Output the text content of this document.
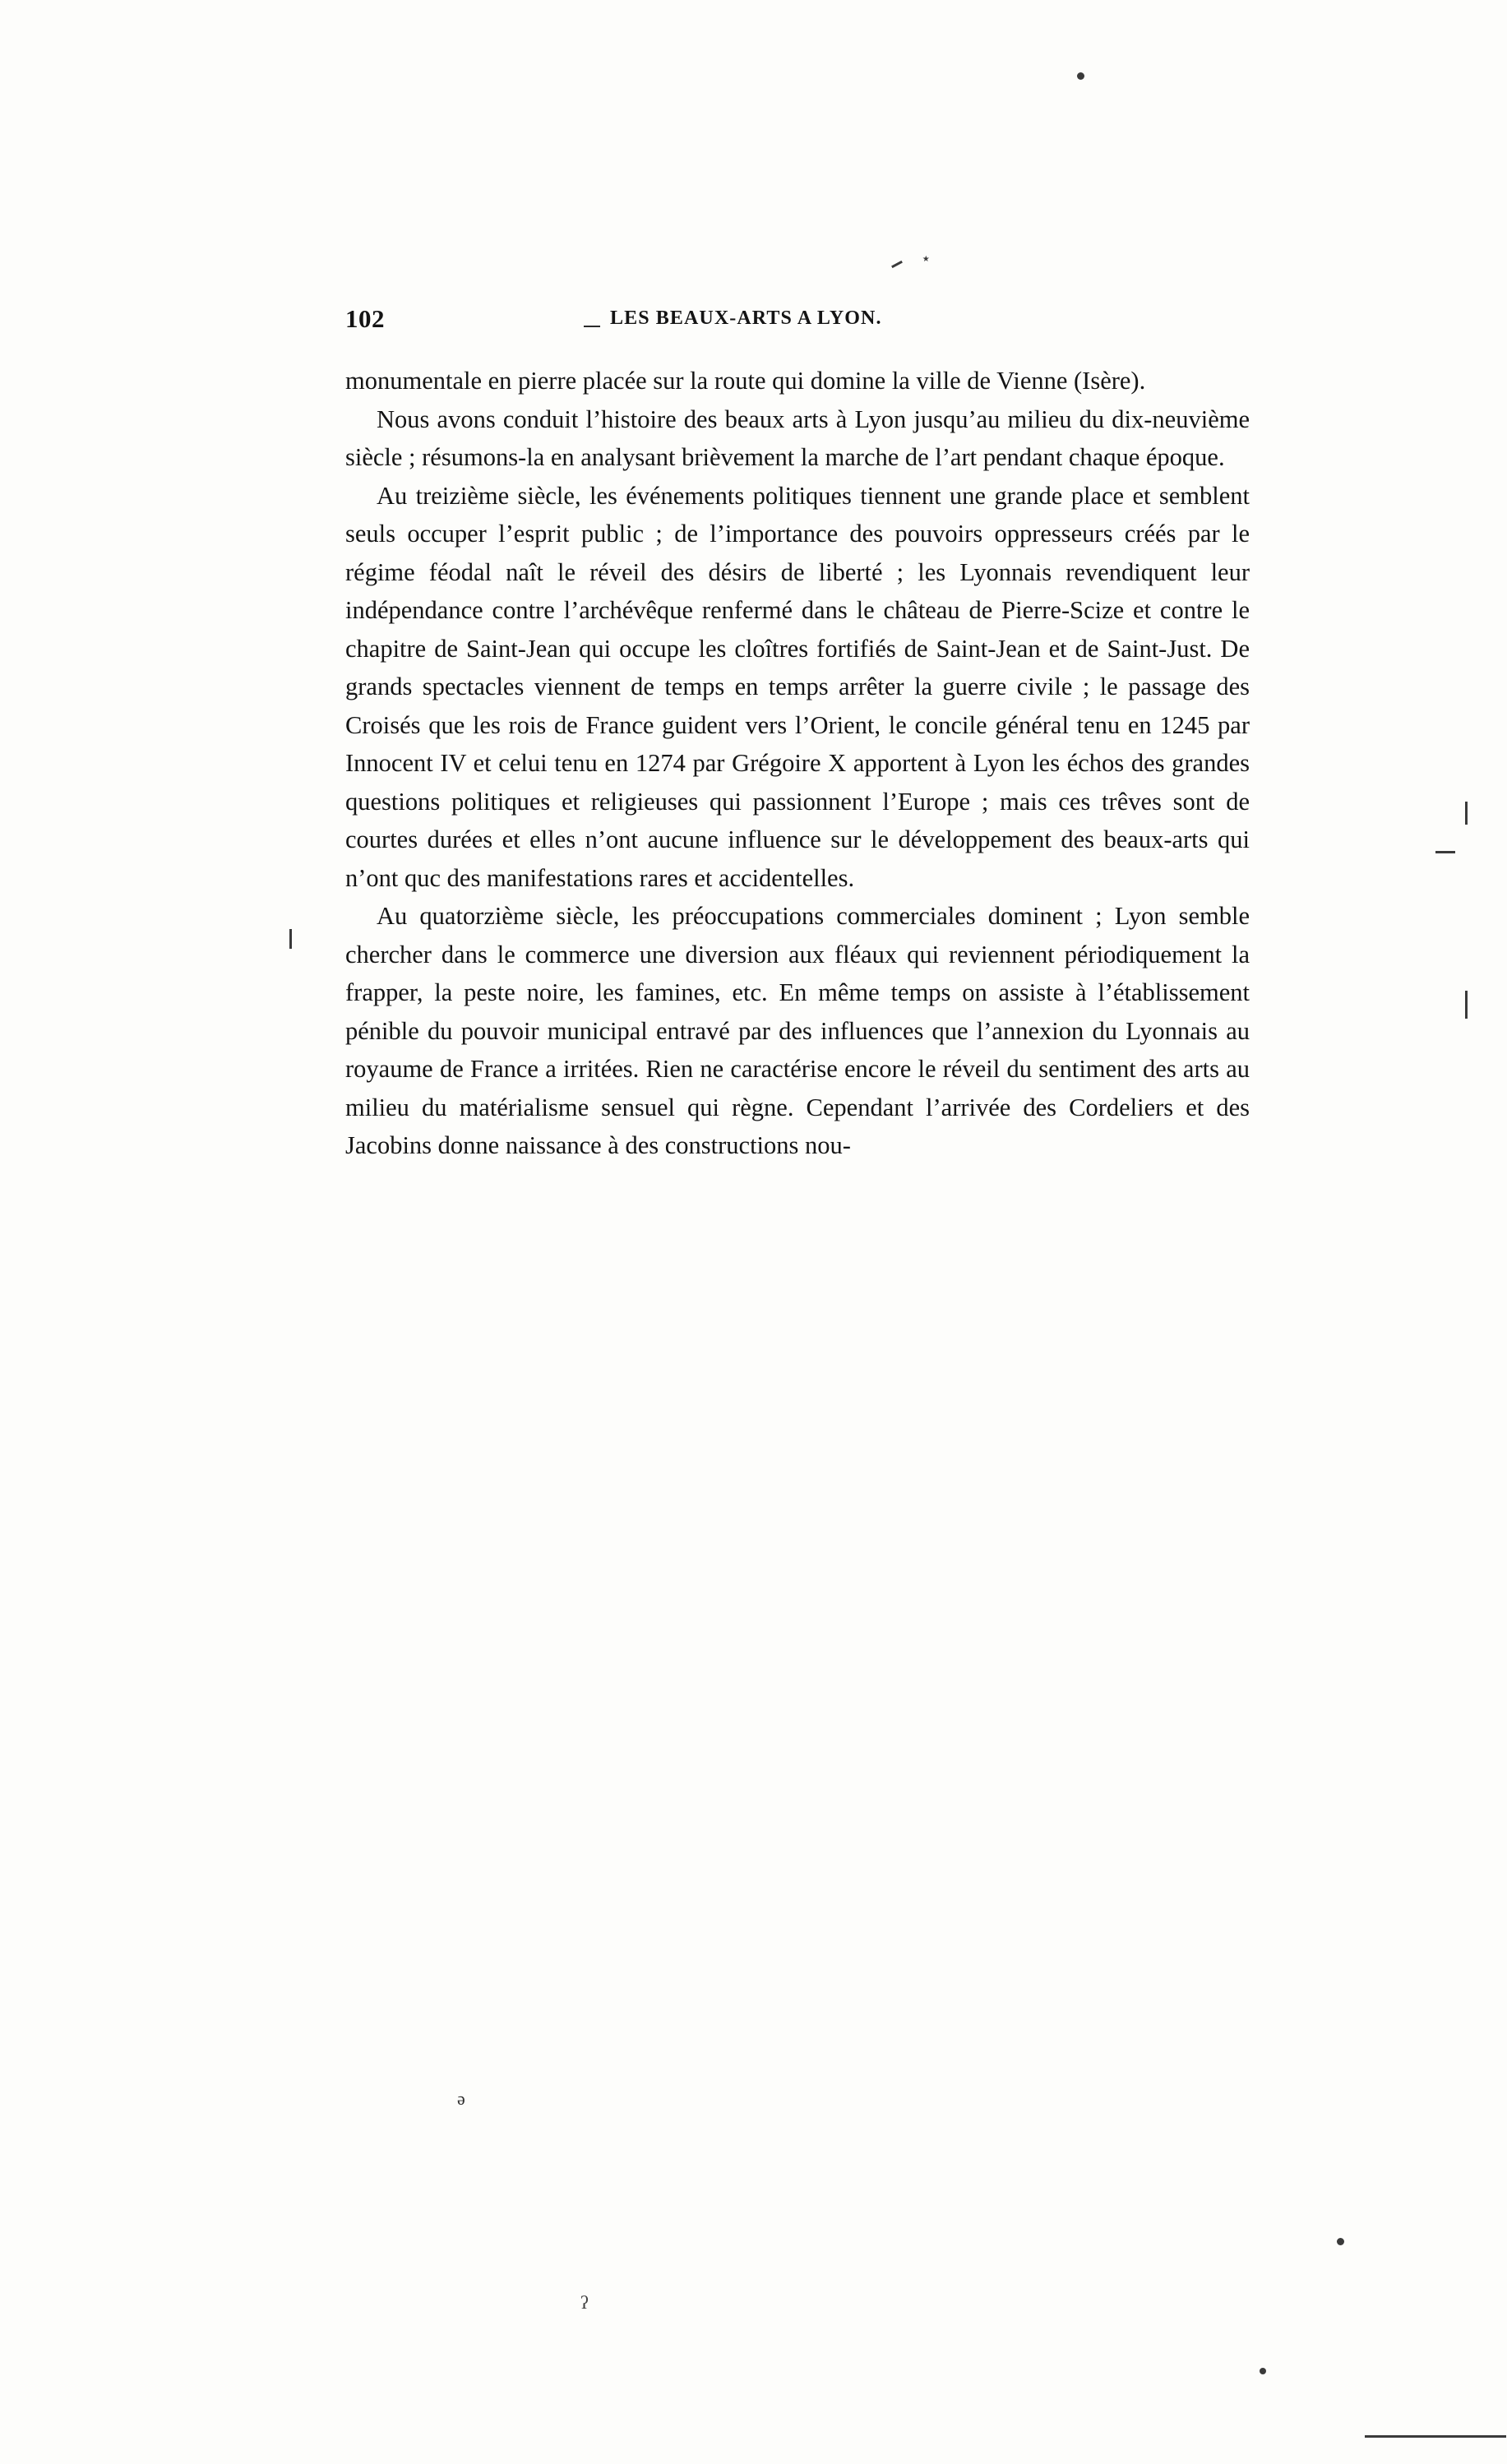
⋆
ə
ʔ
102	LES BEAUX-ARTS A LYON.

monumentale en pierre placée sur la route qui domine la ville de Vienne (Isère).

Nous avons conduit l’histoire des beaux arts à Lyon jusqu’au milieu du dix-neuvième siècle ; résumons-la en analysant brièvement la marche de l’art pendant chaque époque.

Au treizième siècle, les événements politiques tiennent une grande place et semblent seuls occuper l’esprit public ; de l’importance des pouvoirs oppresseurs créés par le régime féodal naît le réveil des désirs de liberté ; les Lyonnais revendiquent leur indépendance contre l’archévêque renfermé dans le château de Pierre-Scize et contre le chapitre de Saint-Jean qui occupe les cloîtres fortifiés de Saint-Jean et de Saint-Just. De grands spectacles viennent de temps en temps arrêter la guerre civile ; le passage des Croisés que les rois de France guident vers l’Orient, le concile général tenu en 1245 par Innocent IV et celui tenu en 1274 par Grégoire X apportent à Lyon les échos des grandes questions politiques et religieuses qui passionnent l’Europe ; mais ces trêves sont de courtes durées et elles n’ont aucune influence sur le développement des beaux-arts qui n’ont quc des manifestations rares et accidentelles.

Au quatorzième siècle, les préoccupations commerciales dominent ; Lyon semble chercher dans le commerce une diversion aux fléaux qui reviennent périodiquement la frapper, la peste noire, les famines, etc. En même temps on assiste à l’établissement pénible du pouvoir municipal entravé par des influences que l’annexion du Lyonnais au royaume de France a irritées. Rien ne caractérise encore le réveil du sentiment des arts au milieu du matérialisme sensuel qui règne. Cependant l’arrivée des Cordeliers et des Jacobins donne naissance à des constructions nou-
